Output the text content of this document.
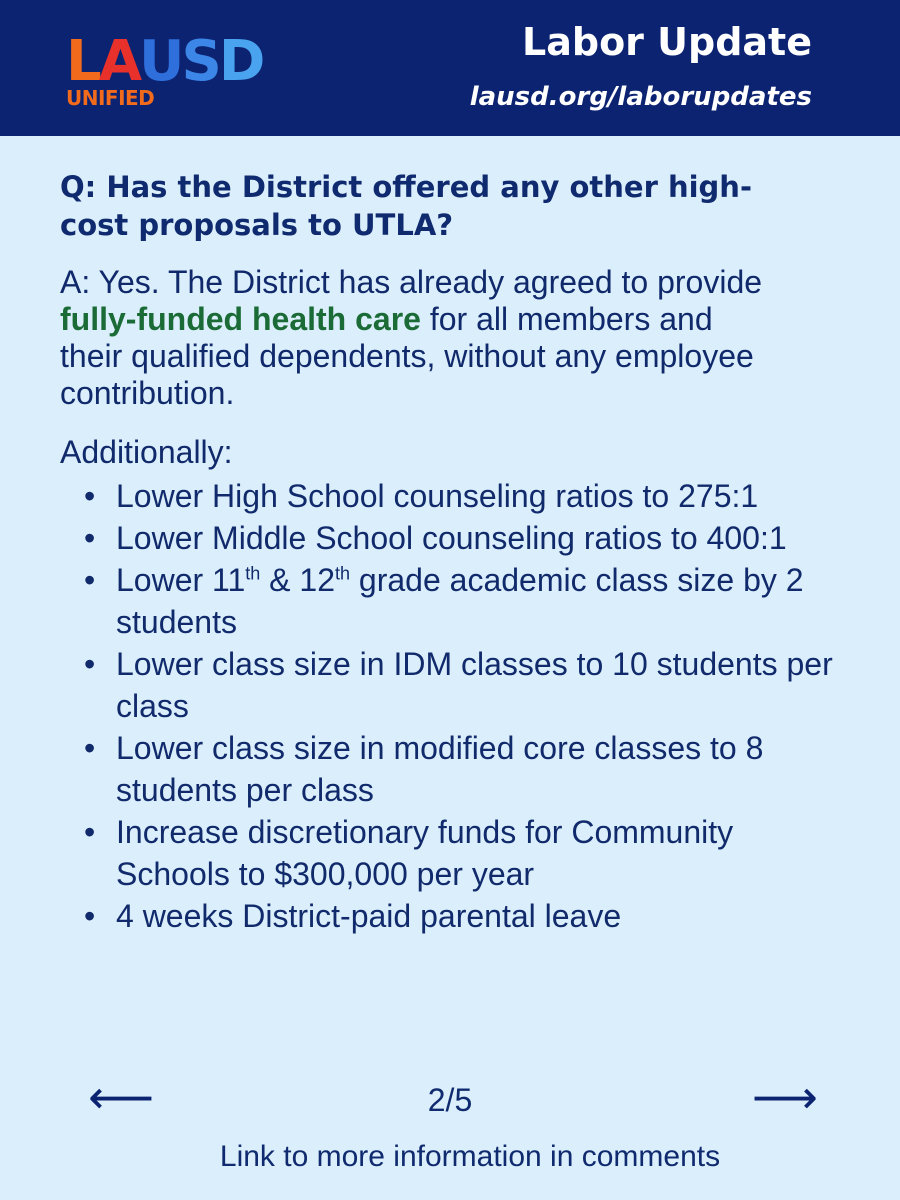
LAUSD
UNIFIED
Labor Update
lausd.org/laborupdates
Q: Has the District offered any other high-cost proposals to UTLA?
A: Yes. The District has already agreed to provide fully-funded health care for all members and their qualified dependents, without any employee contribution.
Additionally:
• Lower High School counseling ratios to 275:1
• Lower Middle School counseling ratios to 400:1
• Lower 11th & 12th grade academic class size by 2 students
• Lower class size in IDM classes to 10 students per class
• Lower class size in modified core classes to 8 students per class
• Increase discretionary funds for Community Schools to $300,000 per year
• 4 weeks District-paid parental leave
⟵	2/5	⟶
Link to more information in comments
